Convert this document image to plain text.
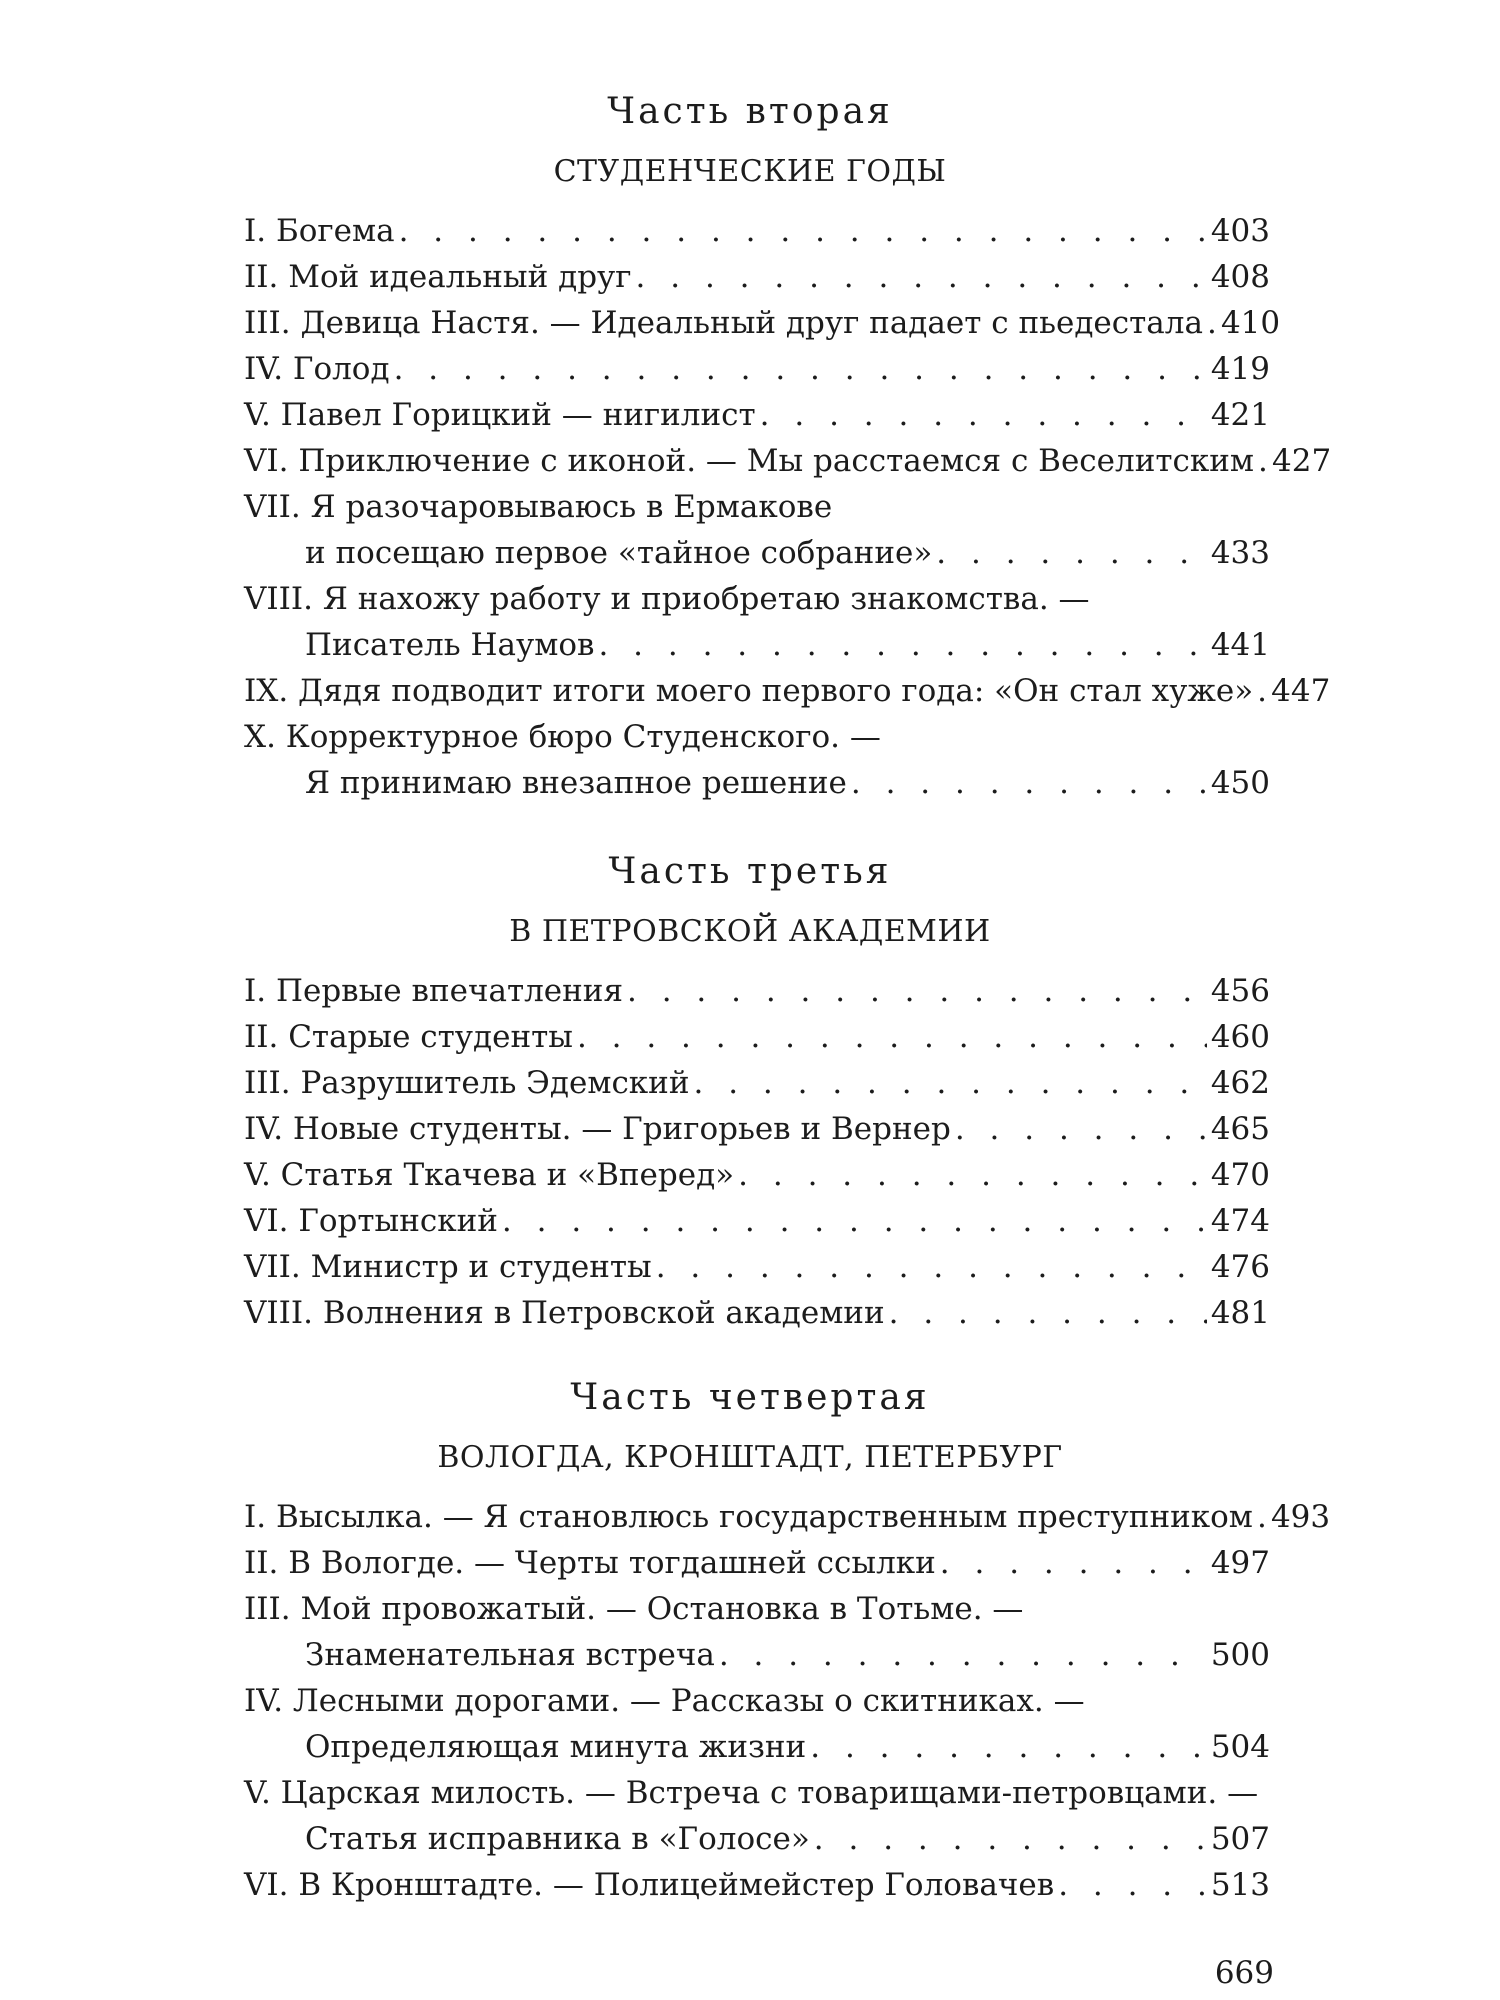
Часть вторая
СТУДЕНЧЕСКИЕ ГОДЫ
I. Богема . . .	403
II. Мой идеальный друг . . .	408
III. Девица Настя. — Идеальный друг падает с пьедестала . . . 410
IV. Голод . . .	419
V. Павел Горицкий — нигилист . . .	421
VI. Приключение с иконой. — Мы расстаемся с Веселитским . . . 427
VII. Я разочаровываюсь в Ермакове
и посещаю первое «тайное собрание» . . .	433
VIII. Я нахожу работу и приобретаю знакомства. —
Писатель Наумов . . .	441
IX. Дядя подводит итоги моего первого года: «Он стал хуже» . . . 447
X. Корректурное бюро Студенского. —
Я принимаю внезапное решение . . .	450
Часть третья
В ПЕТРОВСКОЙ АКАДЕМИИ
I. Первые впечатления . . .	456
II. Старые студенты . . .	460
III. Разрушитель Эдемский . . .	462
IV. Новые студенты. — Григорьев и Вернер . . .	465
V. Статья Ткачева и «Вперед» . . .	470
VI. Гортынский . . .	474
VII. Министр и студенты . . .	476
VIII. Волнения в Петровской академии . . .	481
Часть четвертая
ВОЛОГДА, КРОНШТАДТ, ПЕТЕРБУРГ
I. Высылка. — Я становлюсь государственным преступником . . . 493
II. В Вологде. — Черты тогдашней ссылки . . .	497
III. Мой провожатый. — Остановка в Тотьме. —
Знаменательная встреча . . .	500
IV. Лесными дорогами. — Рассказы о скитниках. —
Определяющая минута жизни . . .	504
V. Царская милость. — Встреча с товарищами-петровцами. —
Статья исправника в «Голосе» . . .	507
VI. В Кронштадте. — Полицеймейстер Головачев . . .	513
669
